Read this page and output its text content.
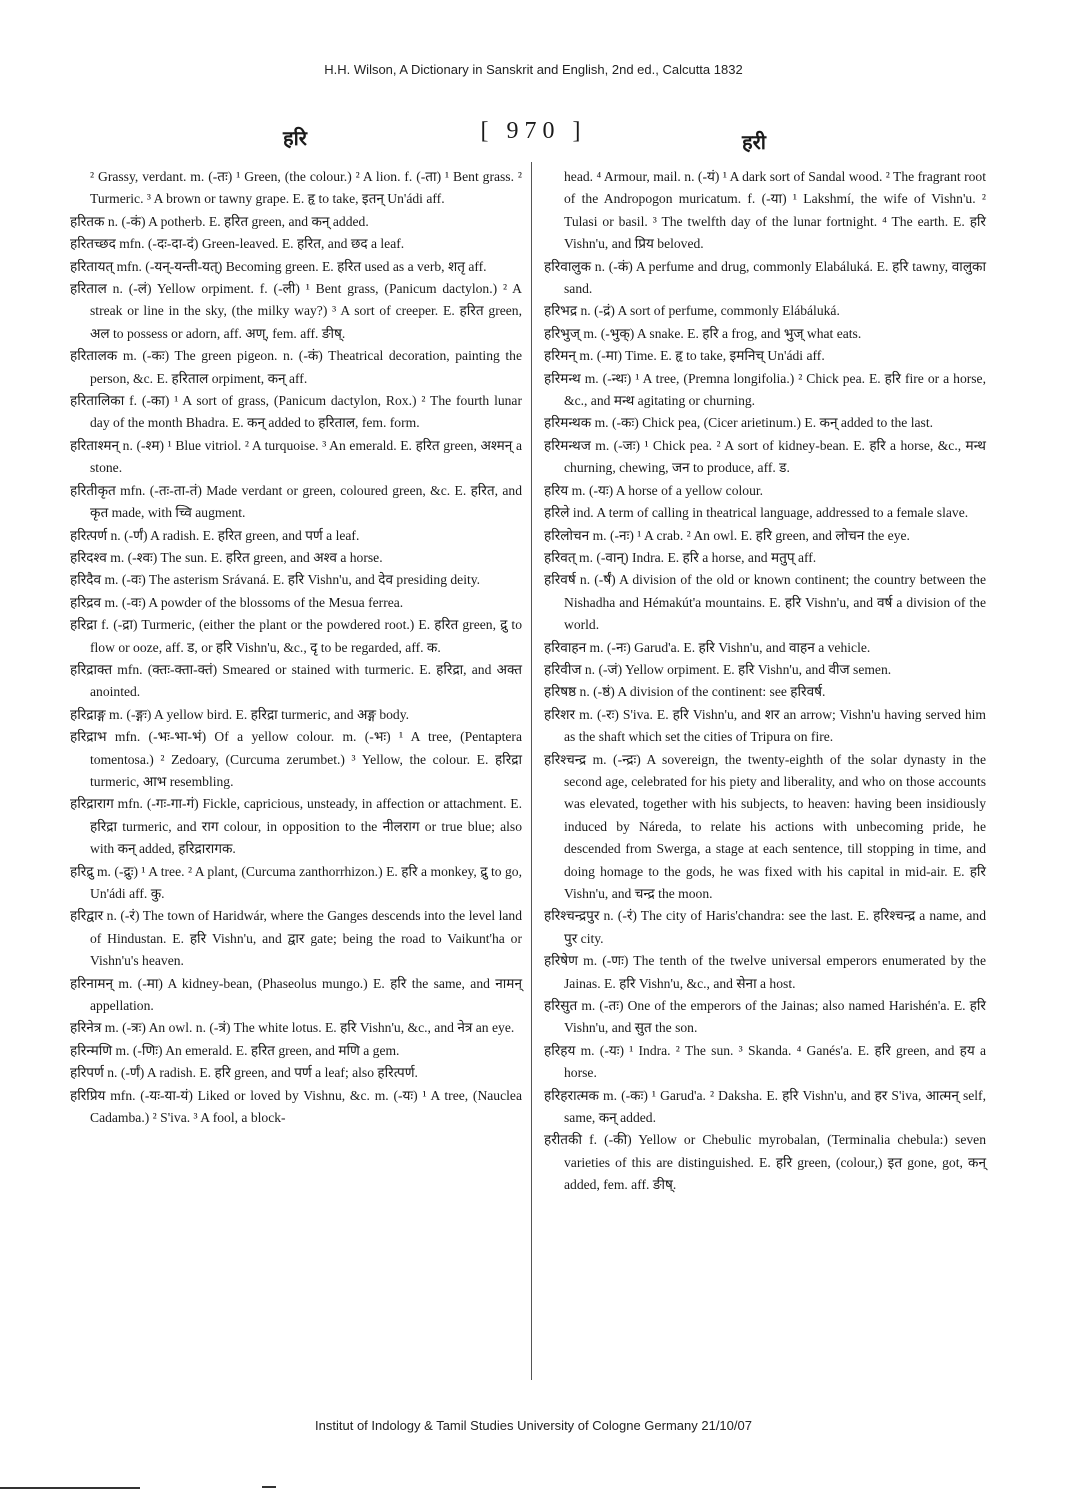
H.H. Wilson, A Dictionary in Sanskrit and English, 2nd ed., Calcutta 1832
हरि	[ 970 ]	हरी

² Grassy, verdant. m. (-तः) ¹ Green, (the colour.) ² A lion. f. (-ता) ¹ Bent grass. ² Turmeric. ³ A brown or tawny grape. E. हृ to take, इतन् Un'ádi aff.

हरितक n. (-कं) A potherb. E. हरित green, and कन् added.

हरितच्छद mfn. (-दः-दा-दं) Green-leaved. E. हरित, and छद a leaf.

हरितायत् mfn. (-यन्-यन्ती-यत्) Becoming green. E. हरित used as a verb, शतृ aff.

हरिताल n. (-लं) Yellow orpiment. f. (-ली) ¹ Bent grass, (Panicum dactylon.) ² A streak or line in the sky, (the milky way?) ³ A sort of creeper. E. हरित green, अल to possess or adorn, aff. अण्, fem. aff. ङीष्.

हरितालक m. (-कः) The green pigeon. n. (-कं) Theatrical decoration, painting the person, &c. E. हरिताल orpiment, कन् aff.

हरितालिका f. (-का) ¹ A sort of grass, (Panicum dactylon, Rox.) ² The fourth lunar day of the month Bhadra. E. कन् added to हरिताल, fem. form.

हरिताश्मन् n. (-श्म) ¹ Blue vitriol. ² A turquoise. ³ An emerald. E. हरित green, अश्मन् a stone.

हरितीकृत mfn. (-तः-ता-तं) Made verdant or green, coloured green, &c. E. हरित, and कृत made, with च्वि augment.

हरित्पर्ण n. (-र्णं) A radish. E. हरित green, and पर्ण a leaf.

हरिदश्व m. (-श्वः) The sun. E. हरित green, and अश्व a horse.

हरिदैव m. (-वः) The asterism Srávaná. E. हरि Vishn'u, and देव presiding deity.

हरिद्रव m. (-वः) A powder of the blossoms of the Mesua ferrea.

हरिद्रा f. (-द्रा) Turmeric, (either the plant or the powdered root.) E. हरित green, द्रु to flow or ooze, aff. ड, or हरि Vishn'u, &c., दृ to be regarded, aff. क.

हरिद्राक्त mfn. (क्तः-क्ता-क्तं) Smeared or stained with turmeric. E. हरिद्रा, and अक्त anointed.

हरिद्राङ्ग m. (-ङ्गः) A yellow bird. E. हरिद्रा turmeric, and अङ्ग body.

हरिद्राभ mfn. (-भः-भा-भं) Of a yellow colour. m. (-भः) ¹ A tree, (Pentaptera tomentosa.) ² Zedoary, (Curcuma zerumbet.) ³ Yellow, the colour. E. हरिद्रा turmeric, आभ resembling.

हरिद्राराग mfn. (-गः-गा-गं) Fickle, capricious, unsteady, in affection or attachment. E. हरिद्रा turmeric, and राग colour, in opposition to the नीलराग or true blue; also with कन् added, हरिद्रारागक.

हरिद्रु m. (-द्रुः) ¹ A tree. ² A plant, (Curcuma zanthorrhizon.) E. हरि a monkey, द्रु to go, Un'ádi aff. कु.

हरिद्वार n. (-रं) The town of Haridwár, where the Ganges descends into the level land of Hindustan. E. हरि Vishn'u, and द्वार gate; being the road to Vaikunt'ha or Vishn'u's heaven.

हरिनामन् m. (-मा) A kidney-bean, (Phaseolus mungo.) E. हरि the same, and नामन् appellation.

हरिनेत्र m. (-त्रः) An owl. n. (-त्रं) The white lotus. E. हरि Vishn'u, &c., and नेत्र an eye.

हरिन्मणि m. (-णिः) An emerald. E. हरित green, and मणि a gem.

हरिपर्ण n. (-र्णं) A radish. E. हरि green, and पर्ण a leaf; also हरित्पर्ण.

हरिप्रिय mfn. (-यः-या-यं) Liked or loved by Vishnu, &c. m. (-यः) ¹ A tree, (Nauclea Cadamba.) ² S'iva. ³ A fool, a block-

head. ⁴ Armour, mail. n. (-यं) ¹ A dark sort of Sandal wood. ² The fragrant root of the Andropogon muricatum. f. (-या) ¹ Lakshmí, the wife of Vishn'u. ² Tulasi or basil. ³ The twelfth day of the lunar fortnight. ⁴ The earth. E. हरि Vishn'u, and प्रिय beloved.

हरिवालुक n. (-कं) A perfume and drug, commonly Elabáluká. E. हरि tawny, वालुका sand.

हरिभद्र n. (-द्रं) A sort of perfume, commonly Elábáluká.

हरिभुज् m. (-भुक्) A snake. E. हरि a frog, and भुज् what eats.

हरिमन् m. (-मा) Time. E. हृ to take, इमनिच् Un'ádi aff.

हरिमन्थ m. (-न्थः) ¹ A tree, (Premna longifolia.) ² Chick pea. E. हरि fire or a horse, &c., and मन्थ agitating or churning.

हरिमन्थक m. (-कः) Chick pea, (Cicer arietinum.) E. कन् added to the last.

हरिमन्थज m. (-जः) ¹ Chick pea. ² A sort of kidney-bean. E. हरि a horse, &c., मन्थ churning, chewing, जन to produce, aff. ड.

हरिय m. (-यः) A horse of a yellow colour.

हरिले ind. A term of calling in theatrical language, addressed to a female slave.

हरिलोचन m. (-नः) ¹ A crab. ² An owl. E. हरि green, and लोचन the eye.

हरिवत् m. (-वान्) Indra. E. हरि a horse, and मतुप् aff.

हरिवर्ष n. (-र्षं) A division of the old or known continent; the country between the Nishadha and Hémakút'a mountains. E. हरि Vishn'u, and वर्ष a division of the world.

हरिवाहन m. (-नः) Garud'a. E. हरि Vishn'u, and वाहन a vehicle.

हरिवीज n. (-जं) Yellow orpiment. E. हरि Vishn'u, and वीज semen.

हरिषष्ठ n. (-ष्ठं) A division of the continent: see हरिवर्ष.

हरिशर m. (-रः) S'iva. E. हरि Vishn'u, and शर an arrow; Vishn'u having served him as the shaft which set the cities of Tripura on fire.

हरिश्चन्द्र m. (-न्द्रः) A sovereign, the twenty-eighth of the solar dynasty in the second age, celebrated for his piety and liberality, and who on those accounts was elevated, together with his subjects, to heaven: having been insidiously induced by Náreda, to relate his actions with unbecoming pride, he descended from Swerga, a stage at each sentence, till stopping in time, and doing homage to the gods, he was fixed with his capital in mid-air. E. हरि Vishn'u, and चन्द्र the moon.

हरिश्चन्द्रपुर n. (-रं) The city of Haris'chandra: see the last. E. हरिश्चन्द्र a name, and पुर city.

हरिषेण m. (-णः) The tenth of the twelve universal emperors enumerated by the Jainas. E. हरि Vishn'u, &c., and सेना a host.

हरिसुत m. (-तः) One of the emperors of the Jainas; also named Harishén'a. E. हरि Vishn'u, and सुत the son.

हरिहय m. (-यः) ¹ Indra. ² The sun. ³ Skanda. ⁴ Ganés'a. E. हरि green, and हय a horse.

हरिहरात्मक m. (-कः) ¹ Garud'a. ² Daksha. E. हरि Vishn'u, and हर S'iva, आत्मन् self, same, कन् added.

हरीतकी f. (-की) Yellow or Chebulic myrobalan, (Terminalia chebula:) seven varieties of this are distinguished. E. हरि green, (colour,) इत gone, got, कन् added, fem. aff. ङीष्.

Institut of Indology & Tamil Studies University of Cologne Germany 21/10/07
